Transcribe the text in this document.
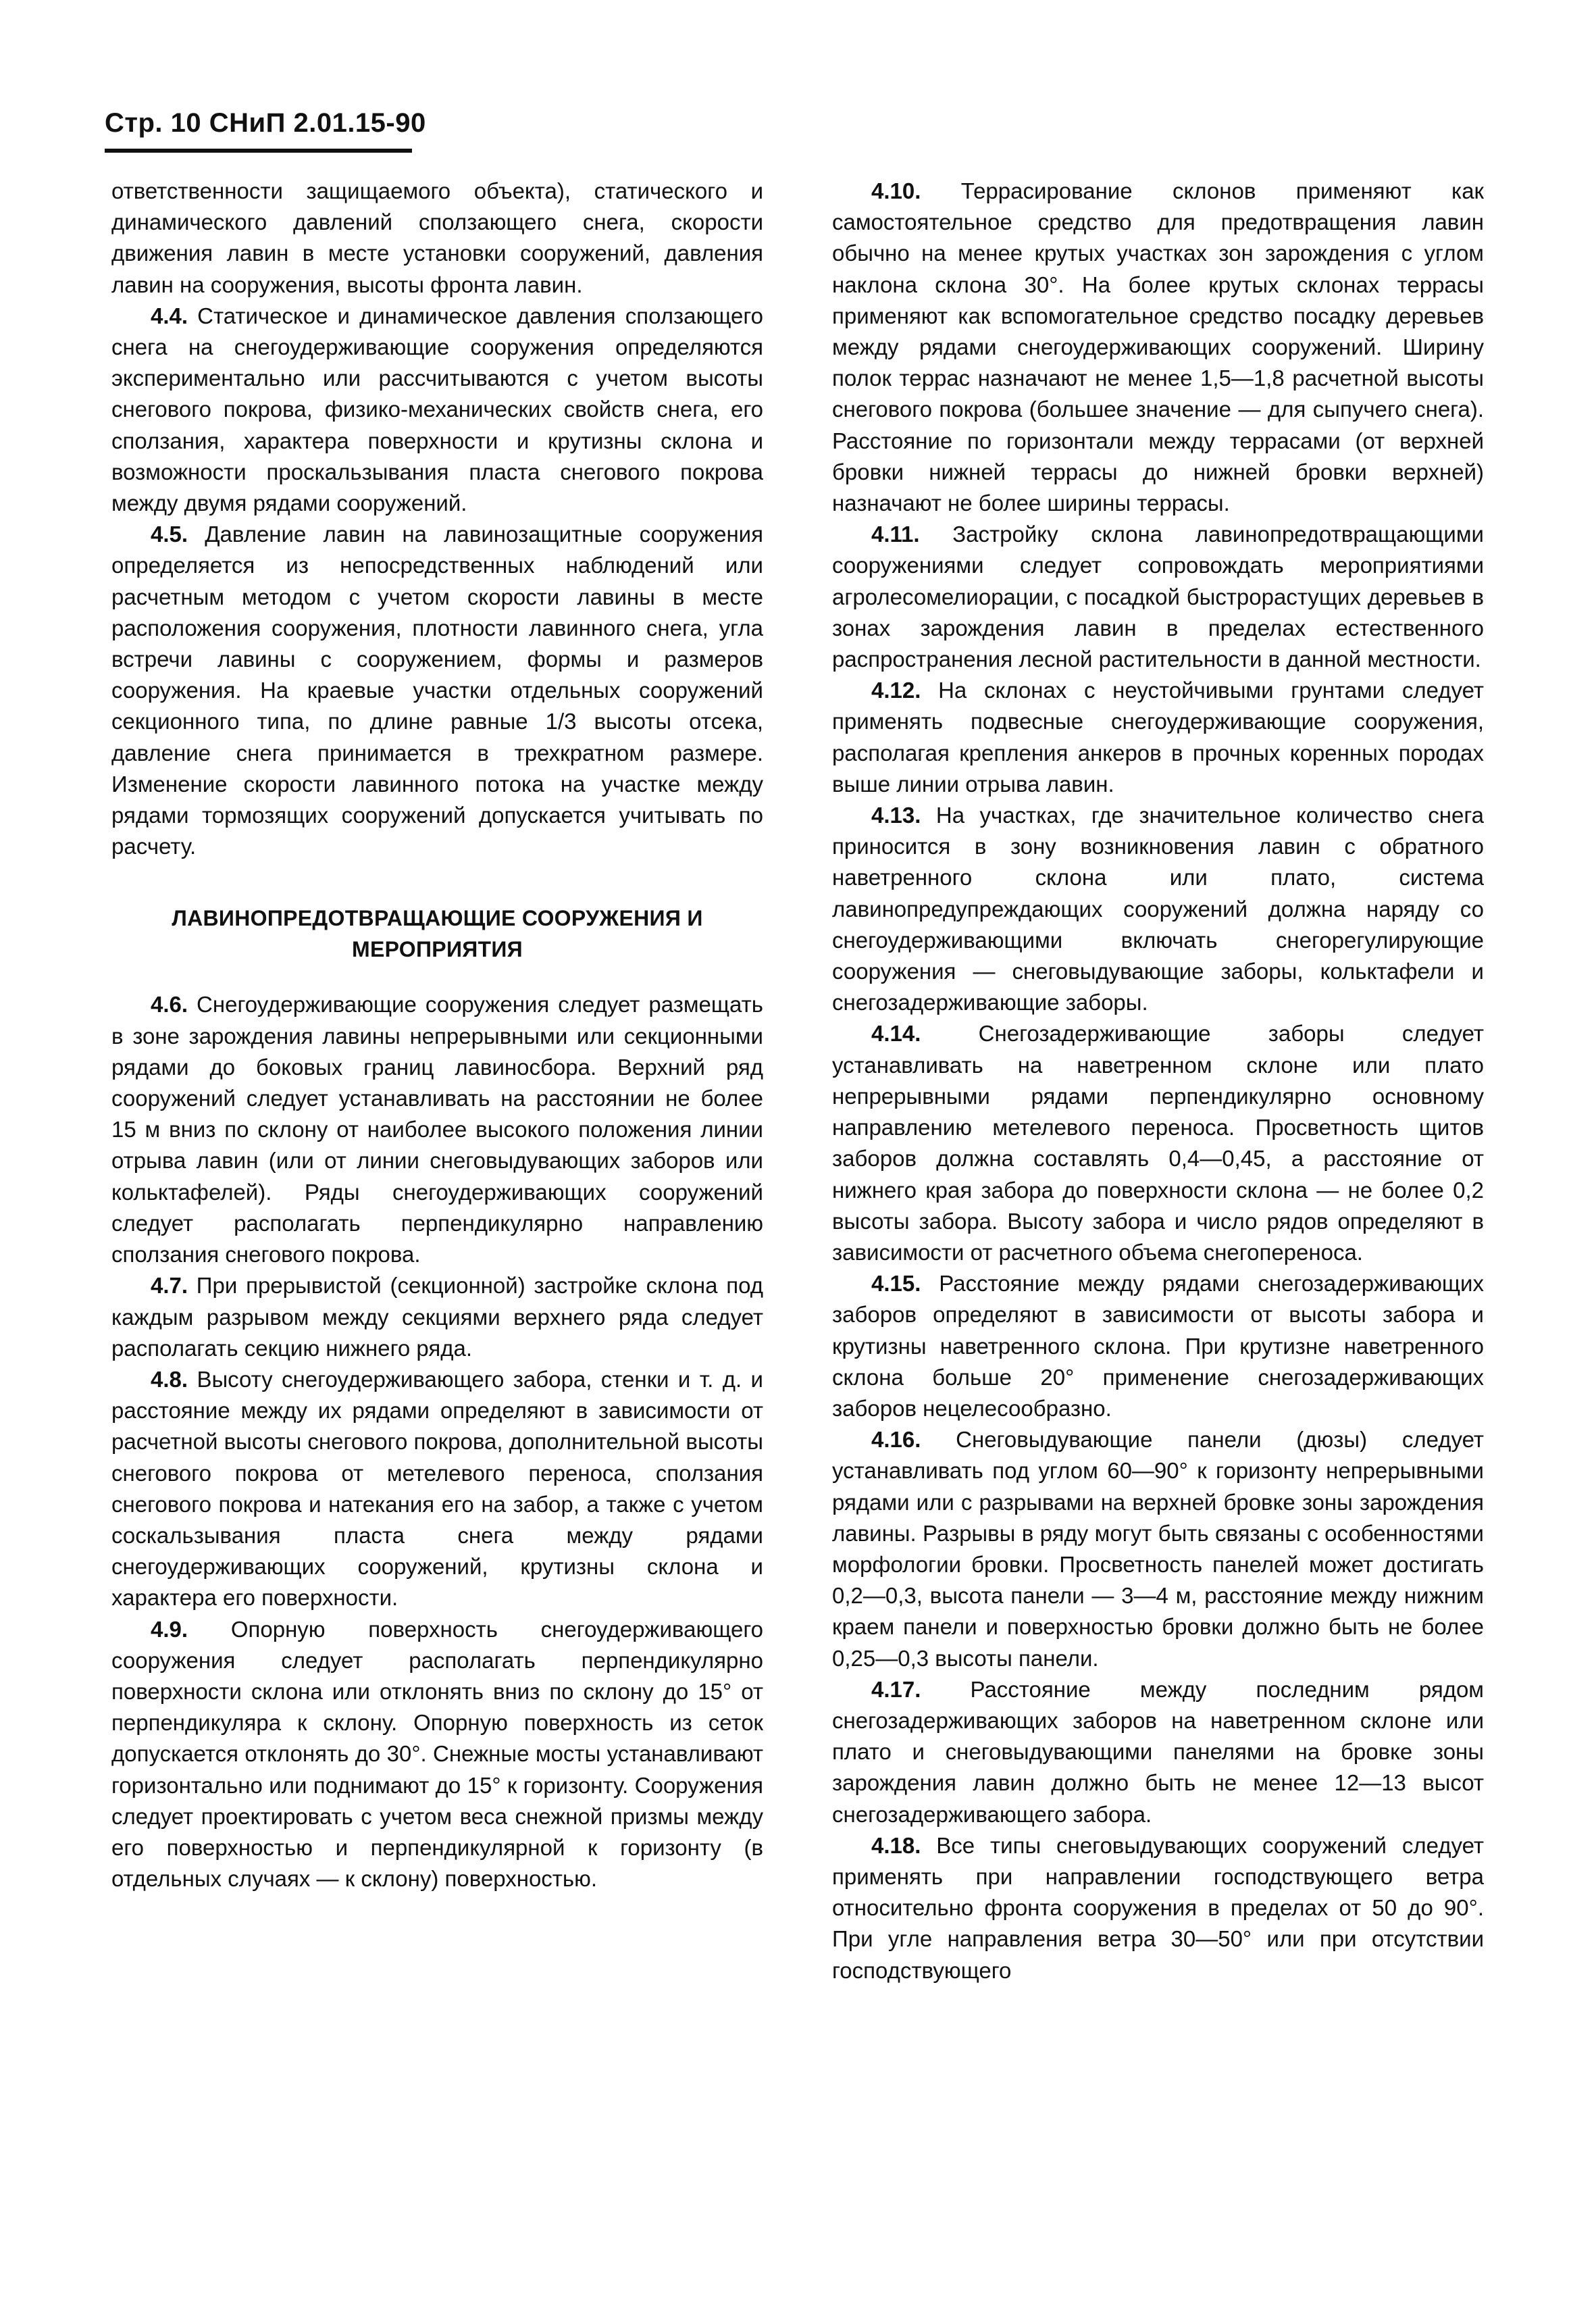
Стр. 10 СНиП 2.01.15-90

ответственности защищаемого объекта), статического и динамического давлений сползающего снега, скорости движения лавин в месте установки сооружений, давления лавин на сооружения, высоты фронта лавин.

4.4. Статическое и динамическое давления сползающего снега на снегоудерживающие сооружения определяются экспериментально или рассчитываются с учетом высоты снегового покрова, физико-механических свойств снега, его сползания, характера поверхности и крутизны склона и возможности проскальзывания пласта снегового покрова между двумя рядами сооружений.

4.5. Давление лавин на лавинозащитные сооружения определяется из непосредственных наблюдений или расчетным методом с учетом скорости лавины в месте расположения сооружения, плотности лавинного снега, угла встречи лавины с сооружением, формы и размеров сооружения. На краевые участки отдельных сооружений секционного типа, по длине равные 1/3 высоты отсека, давление снега принимается в трехкратном размере. Изменение скорости лавинного потока на участке между рядами тормозящих сооружений допускается учитывать по расчету.

ЛАВИНОПРЕДОТВРАЩАЮЩИЕ СООРУЖЕНИЯ И МЕРОПРИЯТИЯ

4.6. Снегоудерживающие сооружения следует размещать в зоне зарождения лавины непрерывными или секционными рядами до боковых границ лавиносбора. Верхний ряд сооружений следует устанавливать на расстоянии не более 15 м вниз по склону от наиболее высокого положения линии отрыва лавин (или от линии снеговыдувающих заборов или кольктафелей). Ряды снегоудерживающих сооружений следует располагать перпендикулярно направлению сползания снегового покрова.

4.7. При прерывистой (секционной) застройке склона под каждым разрывом между секциями верхнего ряда следует располагать секцию нижнего ряда.

4.8. Высоту снегоудерживающего забора, стенки и т. д. и расстояние между их рядами определяют в зависимости от расчетной высоты снегового покрова, дополнительной высоты снегового покрова от метелевого переноса, сползания снегового покрова и натекания его на забор, а также с учетом соскальзывания пласта снега между рядами снегоудерживающих сооружений, крутизны склона и характера его поверхности.

4.9. Опорную поверхность снегоудерживающего сооружения следует располагать перпендикулярно поверхности склона или отклонять вниз по склону до 15° от перпендикуляра к склону. Опорную поверхность из сеток допускается отклонять до 30°. Снежные мосты устанавливают горизонтально или поднимают до 15° к горизонту. Сооружения следует проектировать с учетом веса снежной призмы между его поверхностью и перпендикулярной к горизонту (в отдельных случаях — к склону) поверхностью.

4.10. Террасирование склонов применяют как самостоятельное средство для предотвращения лавин обычно на менее крутых участках зон зарождения с углом наклона склона 30°. На более крутых склонах террасы применяют как вспомогательное средство посадку деревьев между рядами снегоудерживающих сооружений. Ширину полок террас назначают не менее 1,5—1,8 расчетной высоты снегового покрова (большее значение — для сыпучего снега). Расстояние по горизонтали между террасами (от верхней бровки нижней террасы до нижней бровки верхней) назначают не более ширины террасы.

4.11. Застройку склона лавинопредотвращающими сооружениями следует сопровождать мероприятиями агролесомелиорации, с посадкой быстрорастущих деревьев в зонах зарождения лавин в пределах естественного распространения лесной растительности в данной местности.

4.12. На склонах с неустойчивыми грунтами следует применять подвесные снегоудерживающие сооружения, располагая крепления анкеров в прочных коренных породах выше линии отрыва лавин.

4.13. На участках, где значительное количество снега приносится в зону возникновения лавин с обратного наветренного склона или плато, система лавинопредупреждающих сооружений должна наряду со снегоудерживающими включать снегорегулирующие сооружения — снеговыдувающие заборы, кольктафели и снегозадерживающие заборы.

4.14. Снегозадерживающие заборы следует устанавливать на наветренном склоне или плато непрерывными рядами перпендикулярно основному направлению метелевого переноса. Просветность щитов заборов должна составлять 0,4—0,45, а расстояние от нижнего края забора до поверхности склона — не более 0,2 высоты забора. Высоту забора и число рядов определяют в зависимости от расчетного объема снегопереноса.

4.15. Расстояние между рядами снегозадерживающих заборов определяют в зависимости от высоты забора и крутизны наветренного склона. При крутизне наветренного склона больше 20° применение снегозадерживающих заборов нецелесообразно.

4.16. Снеговыдувающие панели (дюзы) следует устанавливать под углом 60—90° к горизонту непрерывными рядами или с разрывами на верхней бровке зоны зарождения лавины. Разрывы в ряду могут быть связаны с особенностями морфологии бровки. Просветность панелей может достигать 0,2—0,3, высота панели — 3—4 м, расстояние между нижним краем панели и поверхностью бровки должно быть не более 0,25—0,3 высоты панели.

4.17. Расстояние между последним рядом снегозадерживающих заборов на наветренном склоне или плато и снеговыдувающими панелями на бровке зоны зарождения лавин должно быть не менее 12—13 высот снегозадерживающего забора.

4.18. Все типы снеговыдувающих сооружений следует применять при направлении господствующего ветра относительно фронта сооружения в пределах от 50 до 90°. При угле направления ветра 30—50° или при отсутствии господствующего
